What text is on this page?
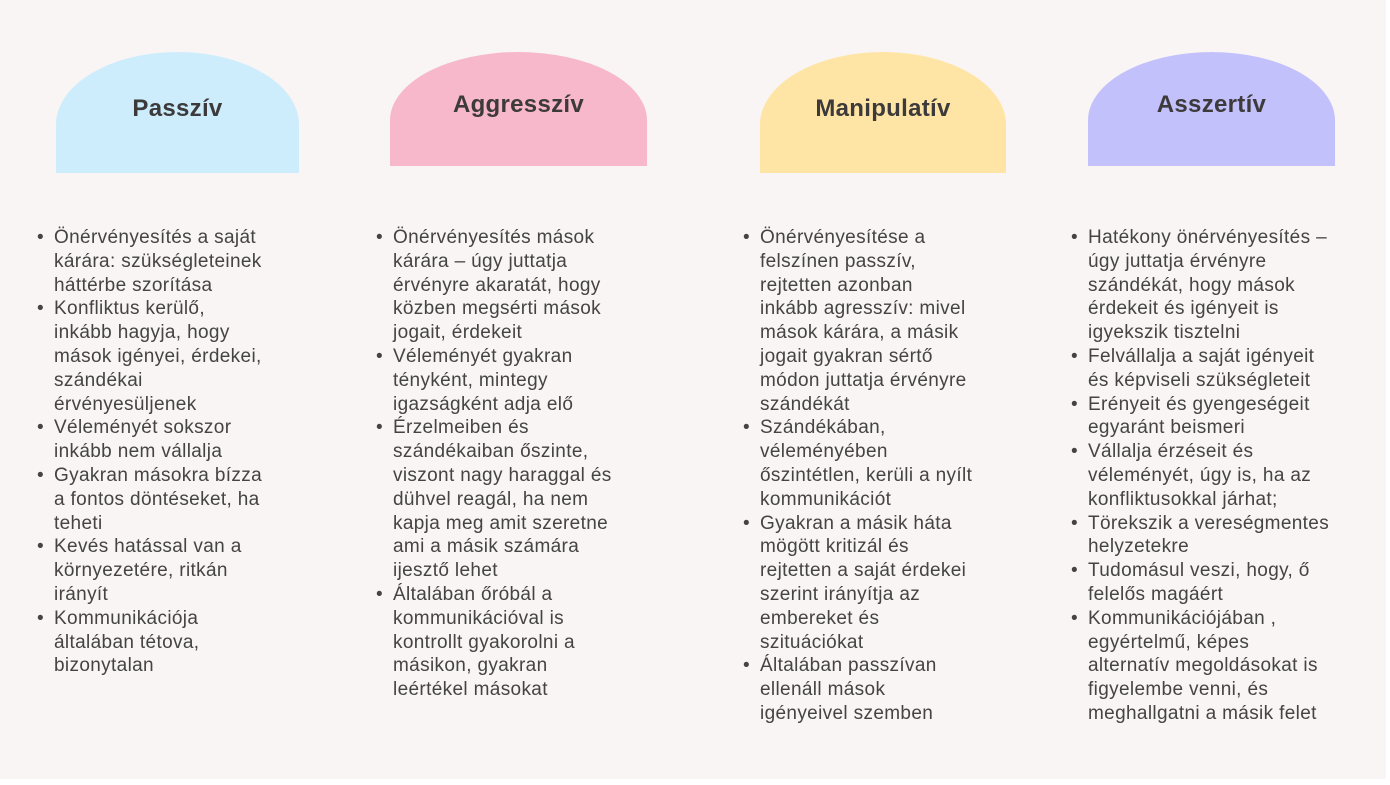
Passzív	Aggresszív	Manipulatív	Asszertív
• Önérvényesítés a saját
kárára: szükségleteinek
háttérbe szorítása
• Konfliktus kerülő,
inkább hagyja, hogy
mások igényei, érdekei,
szándékai
érvényesüljenek
• Véleményét sokszor
inkább nem vállalja
• Gyakran másokra bízza
a fontos döntéseket, ha
teheti
• Kevés hatással van a
környezetére, ritkán
irányít
• Kommunikációja
általában tétova,
bizonytalan
• Önérvényesítés mások
kárára – úgy juttatja
érvényre akaratát, hogy
közben megsérti mások
jogait, érdekeit
• Véleményét gyakran
tényként, mintegy
igazságként adja elő
• Érzelmeiben és
szándékaiban őszinte,
viszont nagy haraggal és
dühvel reagál, ha nem
kapja meg amit szeretne
ami a másik számára
ijesztő lehet
• Általában őróbál a
kommunikációval is
kontrollt gyakorolni a
másikon, gyakran
leértékel másokat
• Önérvényesítése a
felszínen passzív,
rejtetten azonban
inkább agresszív: mivel
mások kárára, a másik
jogait gyakran sértő
módon juttatja érvényre
szándékát
• Szándékában,
véleményében
őszintétlen, kerüli a nyílt
kommunikációt
• Gyakran a másik háta
mögött kritizál és
rejtetten a saját érdekei
szerint irányítja az
embereket és
szituációkat
• Általában passzívan
ellenáll mások
igényeivel szemben
• Hatékony önérvényesítés –
úgy juttatja érvényre
szándékát, hogy mások
érdekeit és igényeit is
igyekszik tisztelni
• Felvállalja a saját igényeit
és képviseli szükségleteit
• Erényeit és gyengeségeit
egyaránt beismeri
• Vállalja érzéseit és
véleményét, úgy is, ha az
konfliktusokkal járhat;
• Törekszik a vereségmentes
helyzetekre
• Tudomásul veszi, hogy, ő
felelős magáért
• Kommunikációjában ,
egyértelmű, képes
alternatív megoldásokat is
figyelembe venni, és
meghallgatni a másik felet
